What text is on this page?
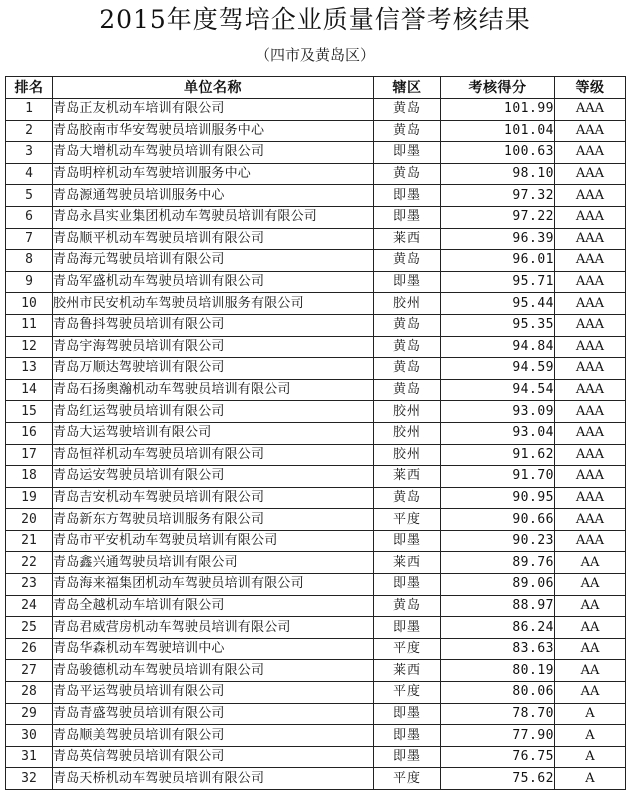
2015年度驾培企业质量信誉考核结果
（四市及黄岛区）
排名	单位名称	辖区	考核得分	等级
1	青岛正友机动车培训有限公司	黄岛	101.99	AAA
2	青岛胶南市华安驾驶员培训服务中心	黄岛	101.04	AAA
3	青岛大增机动车驾驶员培训有限公司	即墨	100.63	AAA
4	青岛明梓机动车驾驶培训服务中心	黄岛	98.10	AAA
5	青岛源通驾驶员培训服务中心	即墨	97.32	AAA
6	青岛永昌实业集团机动车驾驶员培训有限公司	即墨	97.22	AAA
7	青岛顺平机动车驾驶员培训有限公司	莱西	96.39	AAA
8	青岛海元驾驶员培训有限公司	黄岛	96.01	AAA
9	青岛军盛机动车驾驶员培训有限公司	即墨	95.71	AAA
10	胶州市民安机动车驾驶员培训服务有限公司	胶州	95.44	AAA
11	青岛鲁抖驾驶员培训有限公司	黄岛	95.35	AAA
12	青岛宇海驾驶员培训有限公司	黄岛	94.84	AAA
13	青岛万顺达驾驶培训有限公司	黄岛	94.59	AAA
14	青岛石扬奥瀚机动车驾驶员培训有限公司	黄岛	94.54	AAA
15	青岛红运驾驶员培训有限公司	胶州	93.09	AAA
16	青岛大运驾驶培训有限公司	胶州	93.04	AAA
17	青岛恒祥机动车驾驶员培训有限公司	胶州	91.62	AAA
18	青岛运安驾驶员培训有限公司	莱西	91.70	AAA
19	青岛吉安机动车驾驶员培训有限公司	黄岛	90.95	AAA
20	青岛新东方驾驶员培训服务有限公司	平度	90.66	AAA
21	青岛市平安机动车驾驶员培训有限公司	即墨	90.23	AAA
22	青岛鑫兴通驾驶员培训有限公司	莱西	89.76	AA
23	青岛海来福集团机动车驾驶员培训有限公司	即墨	89.06	AA
24	青岛全越机动车培训有限公司	黄岛	88.97	AA
25	青岛君威营房机动车驾驶员培训有限公司	即墨	86.24	AA
26	青岛华森机动车驾驶培训中心	平度	83.63	AA
27	青岛骏德机动车驾驶员培训有限公司	莱西	80.19	AA
28	青岛平运驾驶员培训有限公司	平度	80.06	AA
29	青岛青盛驾驶员培训有限公司	即墨	78.70	A
30	青岛顺美驾驶员培训有限公司	即墨	77.90	A
31	青岛英信驾驶员培训有限公司	即墨	76.75	A
32	青岛天桥机动车驾驶员培训有限公司	平度	75.62	A
